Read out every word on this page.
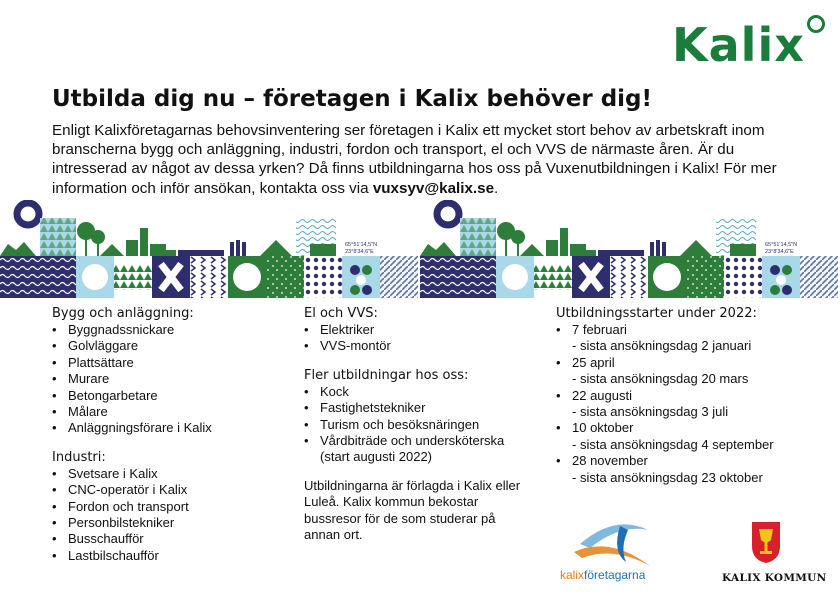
Kalix
Utbilda dig nu – företagen i Kalix behöver dig!

Enligt Kalixföretagarnas behovsinventering ser företagen i Kalix ett mycket stort behov av arbetskraft inom branscherna bygg och anläggning, industri, fordon och transport, el och VVS de närmaste åren. Är du intresserad av något av dessa yrken? Då finns utbildningarna hos oss på Vuxenutbildningen i Kalix! För mer information och inför ansökan, kontakta oss via vuxsyv@kalix.se.

Bygg och anläggning:
• Byggnadssnickare
• Golvläggare
• Plattsättare
• Murare
• Betongarbetare
• Målare
• Anläggningsförare i Kalix
Industri:
• Svetsare i Kalix
• CNC-operatör i Kalix
• Fordon och transport
• Personbilstekniker
• Busschaufför
• Lastbilschaufför
El och VVS:
• Elektriker
• VVS-montör
Fler utbildningar hos oss:
• Kock
• Fastighetstekniker
• Turism och besöksnäringen
• Vårdbiträde och undersköterska
(start augusti 2022)
Utbildningarna är förlagda i Kalix eller Luleå. Kalix kommun bekostar bussresor för de som studerar på annan ort.
Utbildningsstarter under 2022:
• 7 februari
- sista ansökningsdag 2 januari
• 25 april
- sista ansökningsdag 20 mars
• 22 augusti
- sista ansökningsdag 3 juli
• 10 oktober
- sista ansökningsdag 4 september
• 28 november
- sista ansökningsdag 23 oktober
kalixföretagarna	KALIX KOMMUN
